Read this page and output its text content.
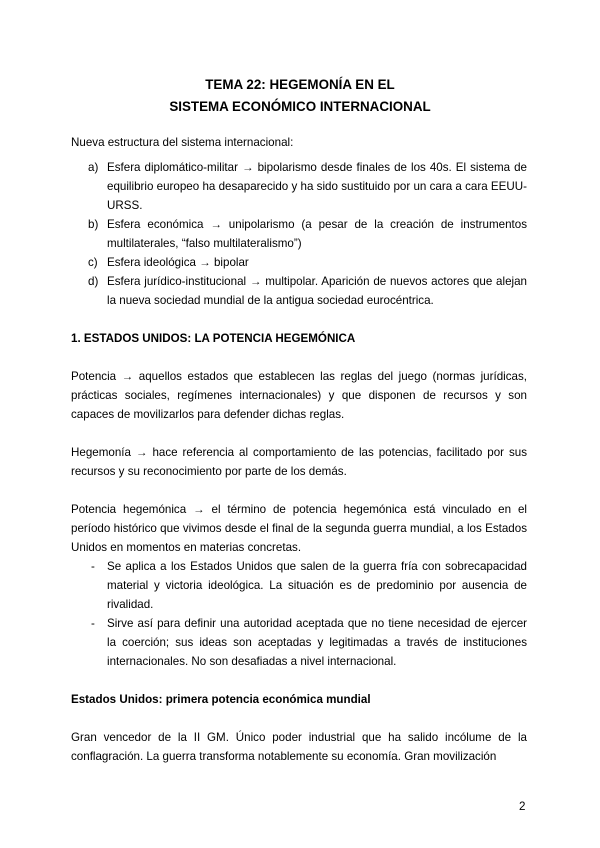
TEMA 22: HEGEMONÍA EN EL
SISTEMA ECONÓMICO INTERNACIONAL

Nueva estructura del sistema internacional:

a) Esfera diplomático-militar → bipolarismo desde finales de los 40s. El sistema de equilibrio europeo ha desaparecido y ha sido sustituido por un cara a cara EEUU-URSS.
b) Esfera económica → unipolarismo (a pesar de la creación de instrumentos multilaterales, “falso multilateralismo”)
c) Esfera ideológica → bipolar
d) Esfera jurídico-institucional → multipolar. Aparición de nuevos actores que alejan la nueva sociedad mundial de la antigua sociedad eurocéntrica.

1. ESTADOS UNIDOS: LA POTENCIA HEGEMÓNICA

Potencia → aquellos estados que establecen las reglas del juego (normas jurídicas, prácticas sociales, regímenes internacionales) y que disponen de recursos y son capaces de movilizarlos para defender dichas reglas.

Hegemonía → hace referencia al comportamiento de las potencias, facilitado por sus recursos y su reconocimiento por parte de los demás.

Potencia hegemónica → el término de potencia hegemónica está vinculado en el período histórico que vivimos desde el final de la segunda guerra mundial, a los Estados Unidos en momentos en materias concretas.

- Se aplica a los Estados Unidos que salen de la guerra fría con sobrecapacidad material y victoria ideológica. La situación es de predominio por ausencia de rivalidad.
- Sirve así para definir una autoridad aceptada que no tiene necesidad de ejercer la coerción; sus ideas son aceptadas y legitimadas a través de instituciones internacionales. No son desafiadas a nivel internacional.

Estados Unidos: primera potencia económica mundial

Gran vencedor de la II GM. Único poder industrial que ha salido incólume de la conflagración. La guerra transforma notablemente su economía. Gran movilización

2
